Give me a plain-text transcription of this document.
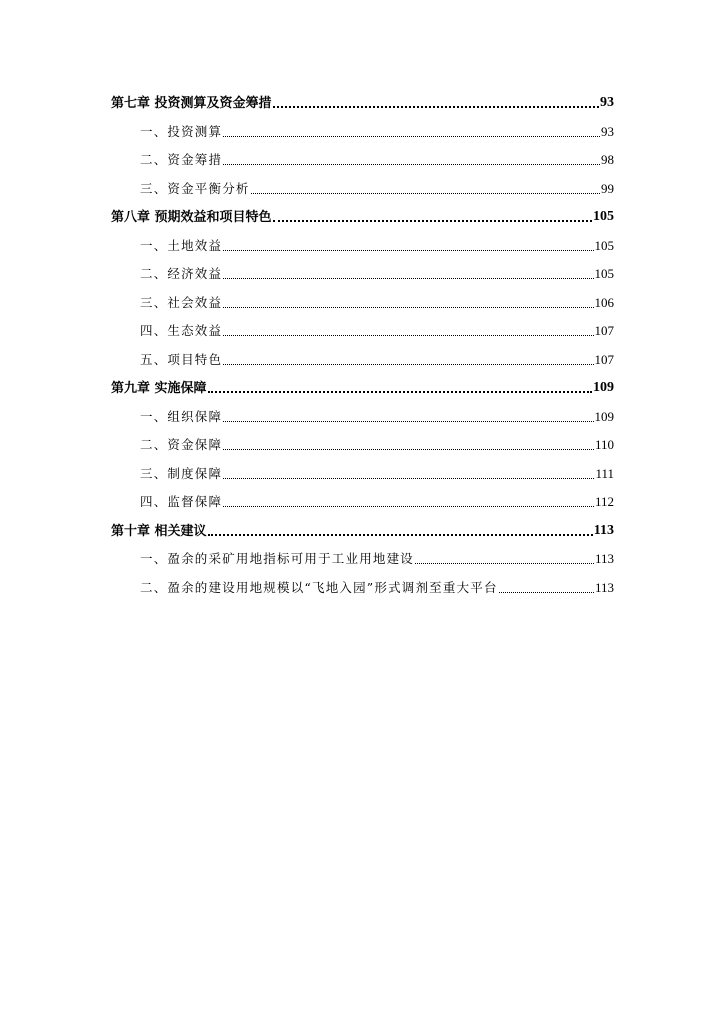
第七章 投资测算及资金筹措	93
一、投资测算	93
二、资金筹措	98
三、资金平衡分析	99
第八章 预期效益和项目特色	105
一、土地效益	105
二、经济效益	105
三、社会效益	106
四、生态效益	107
五、项目特色	107
第九章 实施保障	109
一、组织保障	109
二、资金保障	110
三、制度保障	111
四、监督保障	112
第十章 相关建议	113
一、盈余的采矿用地指标可用于工业用地建设	113
二、盈余的建设用地规模以“飞地入园”形式调剂至重大平台	113
